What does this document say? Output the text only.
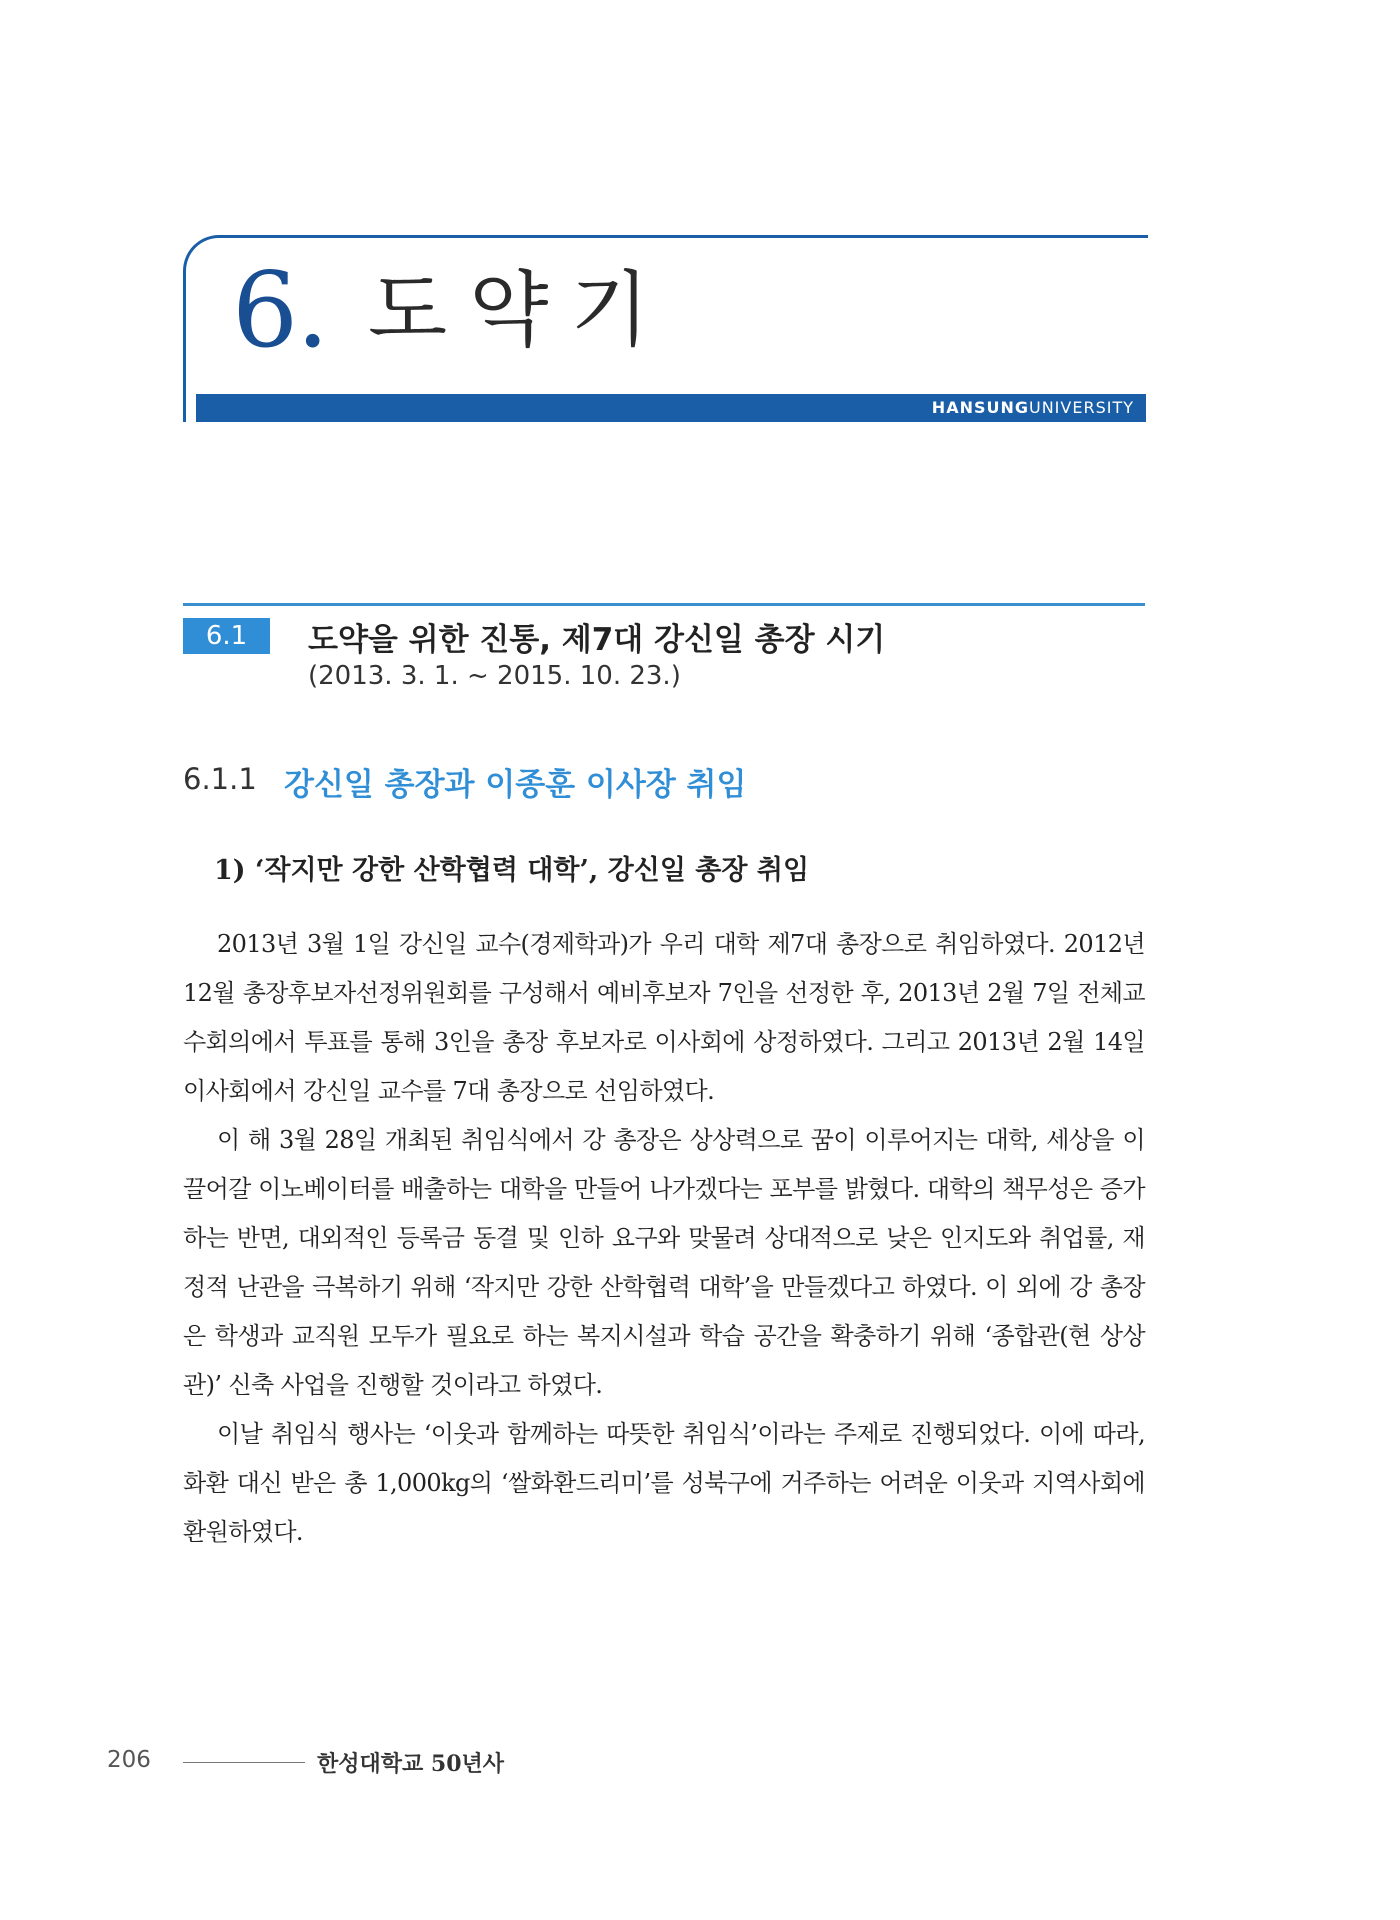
6. 도약기
HANSUNGUNIVERSITY
6.1	도약을 위한 진통, 제7대 강신일 총장 시기
(2013. 3. 1. ~ 2015. 10. 23.)
6.1.1 강신일 총장과 이종훈 이사장 취임
1) ‘작지만 강한 산학협력 대학’, 강신일 총장 취임

2013년 3월 1일 강신일 교수(경제학과)가 우리 대학 제7대 총장으로 취임하였다. 2012년 12월 총장후보자선정위원회를 구성해서 예비후보자 7인을 선정한 후, 2013년 2월 7일 전체교수회의에서 투표를 통해 3인을 총장 후보자로 이사회에 상정하였다. 그리고 2013년 2월 14일 이사회에서 강신일 교수를 7대 총장으로 선임하였다.

이 해 3월 28일 개최된 취임식에서 강 총장은 상상력으로 꿈이 이루어지는 대학, 세상을 이끌어갈 이노베이터를 배출하는 대학을 만들어 나가겠다는 포부를 밝혔다. 대학의 책무성은 증가하는 반면, 대외적인 등록금 동결 및 인하 요구와 맞물려 상대적으로 낮은 인지도와 취업률, 재정적 난관을 극복하기 위해 ‘작지만 강한 산학협력 대학’을 만들겠다고 하였다. 이 외에 강 총장은 학생과 교직원 모두가 필요로 하는 복지시설과 학습 공간을 확충하기 위해 ‘종합관(현 상상관)’ 신축 사업을 진행할 것이라고 하였다.

이날 취임식 행사는 ‘이웃과 함께하는 따뜻한 취임식’이라는 주제로 진행되었다. 이에 따라, 화환 대신 받은 총 1,000kg의 ‘쌀화환드리미’를 성북구에 거주하는 어려운 이웃과 지역사회에 환원하였다.

206	한성대학교 50년사
